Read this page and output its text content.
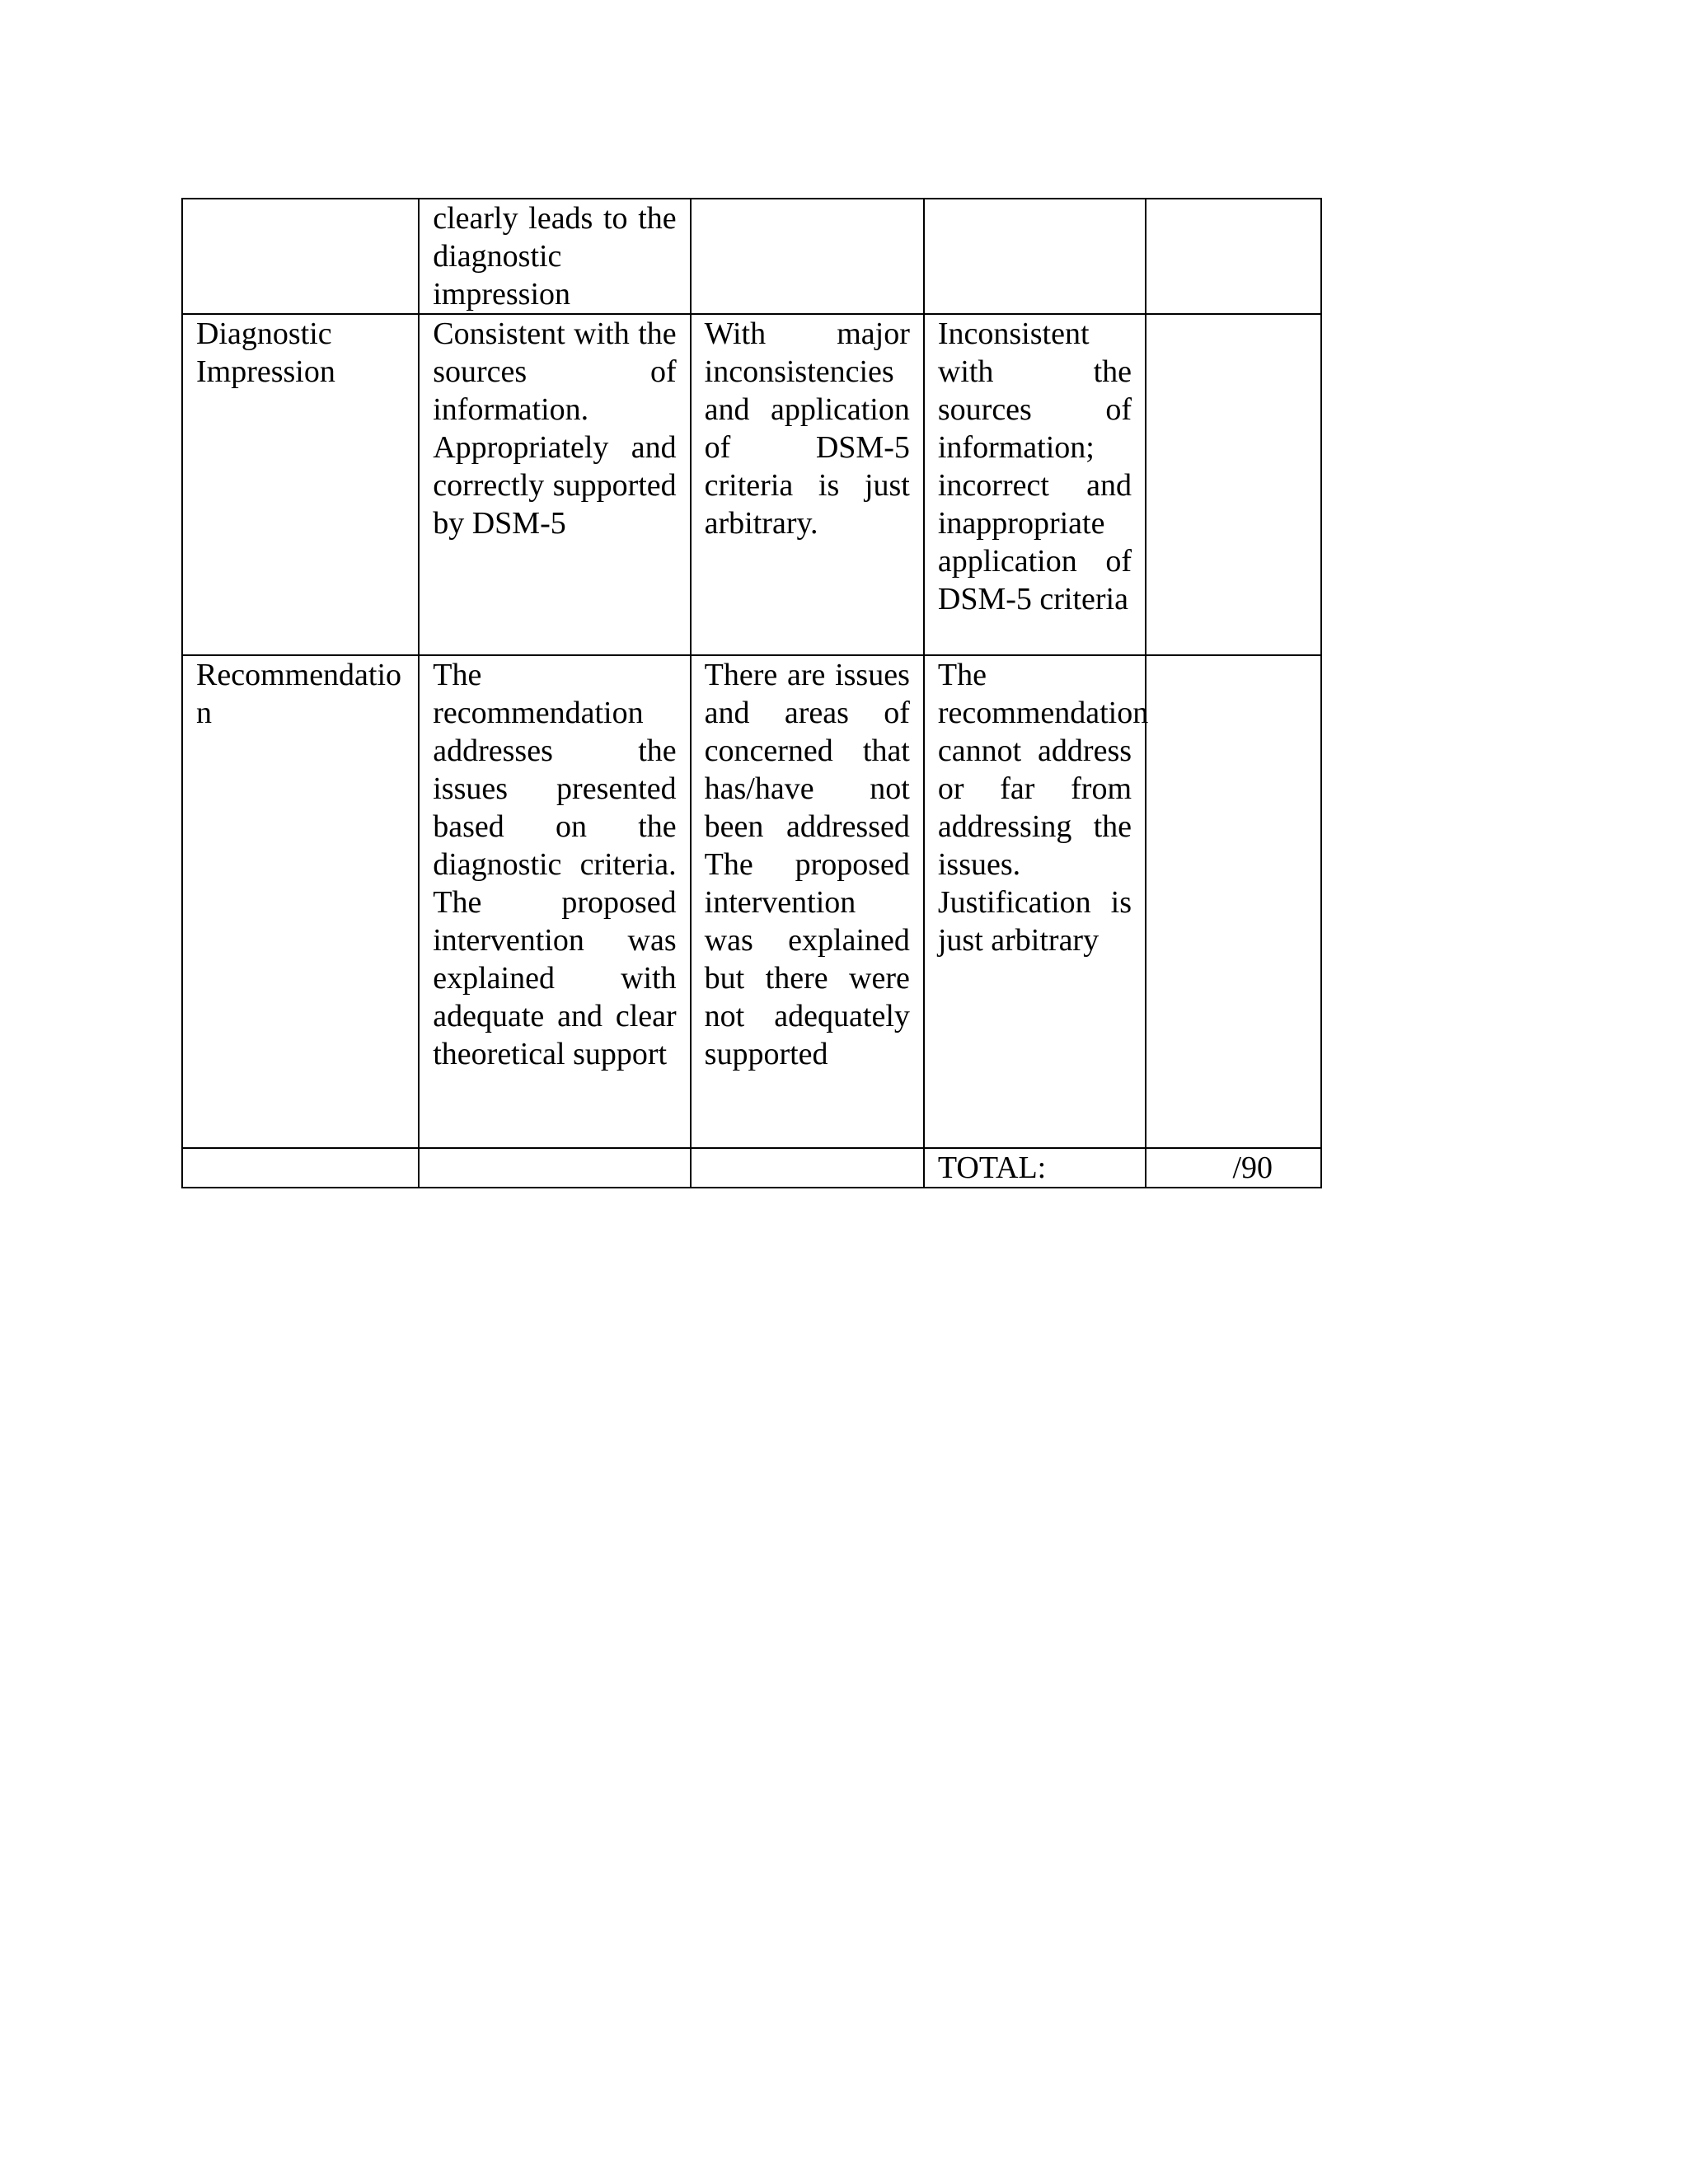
	clearly leads to the diagnostic impression			
Diagnostic Impression	Consistent with the sources of information. Appropriately and correctly supported by DSM-5	With major inconsistencies and application of DSM-5 criteria is just arbitrary.	Inconsistent with the sources of information; incorrect and inappropriate application of DSM-5 criteria	
Recommendation	The recommendation addresses the issues presented based on the diagnostic criteria. The proposed intervention was explained with adequate and clear theoretical support	There are issues and areas of concerned that has/have not been addressed The proposed intervention was explained but there were not adequately supported	The recommendation cannot address or far from addressing the issues. Justification is just arbitrary	
			TOTAL:	/90
